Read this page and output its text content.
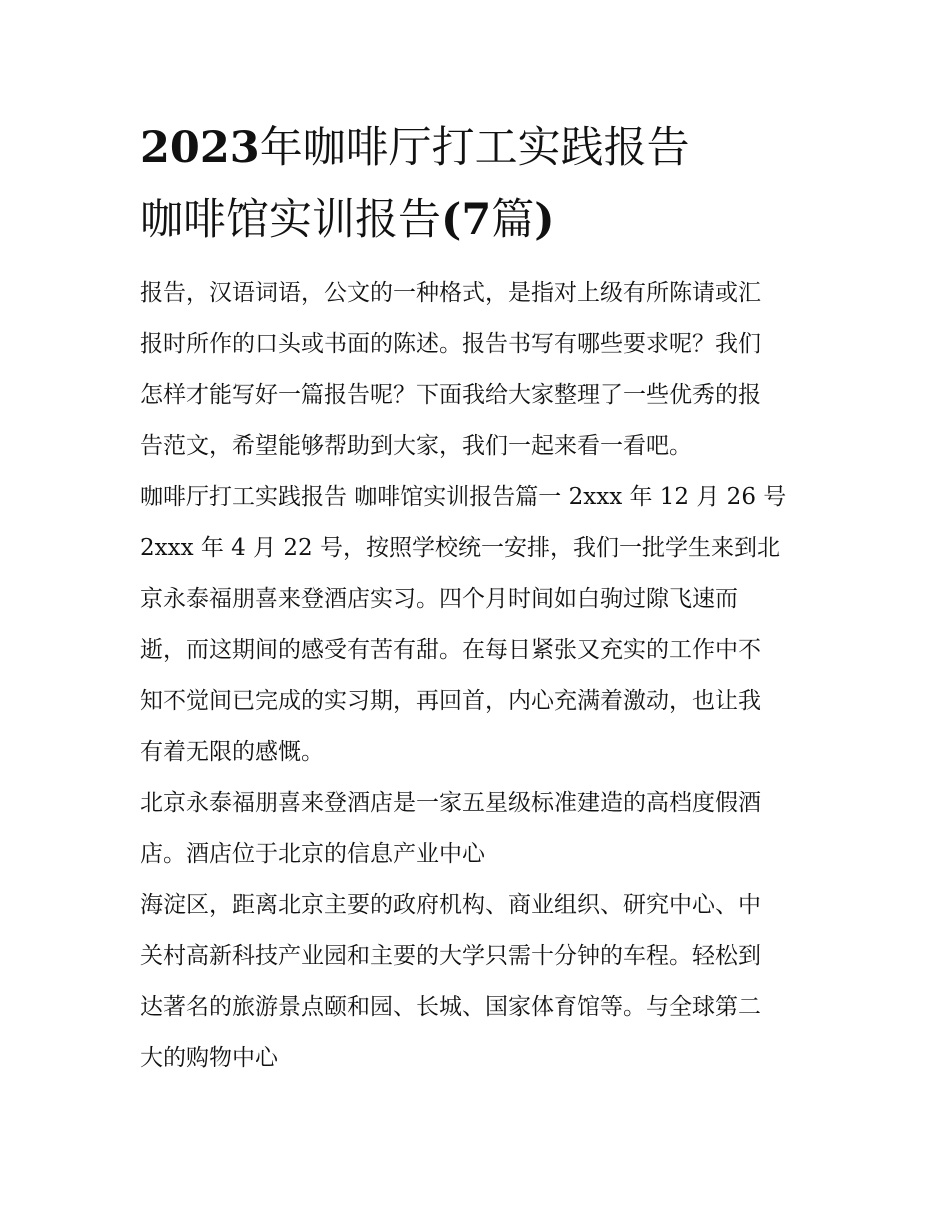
2023年咖啡厅打工实践报告
咖啡馆实训报告(7篇)

报告，汉语词语，公文的一种格式，是指对上级有所陈请或汇
报时所作的口头或书面的陈述。报告书写有哪些要求呢？我们
怎样才能写好一篇报告呢？下面我给大家整理了一些优秀的报
告范文，希望能够帮助到大家，我们一起来看一看吧。

咖啡厅打工实践报告 咖啡馆实训报告篇一 2xxx 年 12 月 26 号
2xxx 年 4 月 22 号，按照学校统一安排，我们一批学生来到北
京永泰福朋喜来登酒店实习。四个月时间如白驹过隙飞速而
逝，而这期间的感受有苦有甜。在每日紧张又充实的工作中不
知不觉间已完成的实习期，再回首，内心充满着激动，也让我
有着无限的感慨。

北京永泰福朋喜来登酒店是一家五星级标准建造的高档度假酒
店。酒店位于北京的信息产业中心

海淀区，距离北京主要的政府机构、商业组织、研究中心、中
关村高新科技产业园和主要的大学只需十分钟的车程。轻松到
达著名的旅游景点颐和园、长城、国家体育馆等。与全球第二
大的购物中心
